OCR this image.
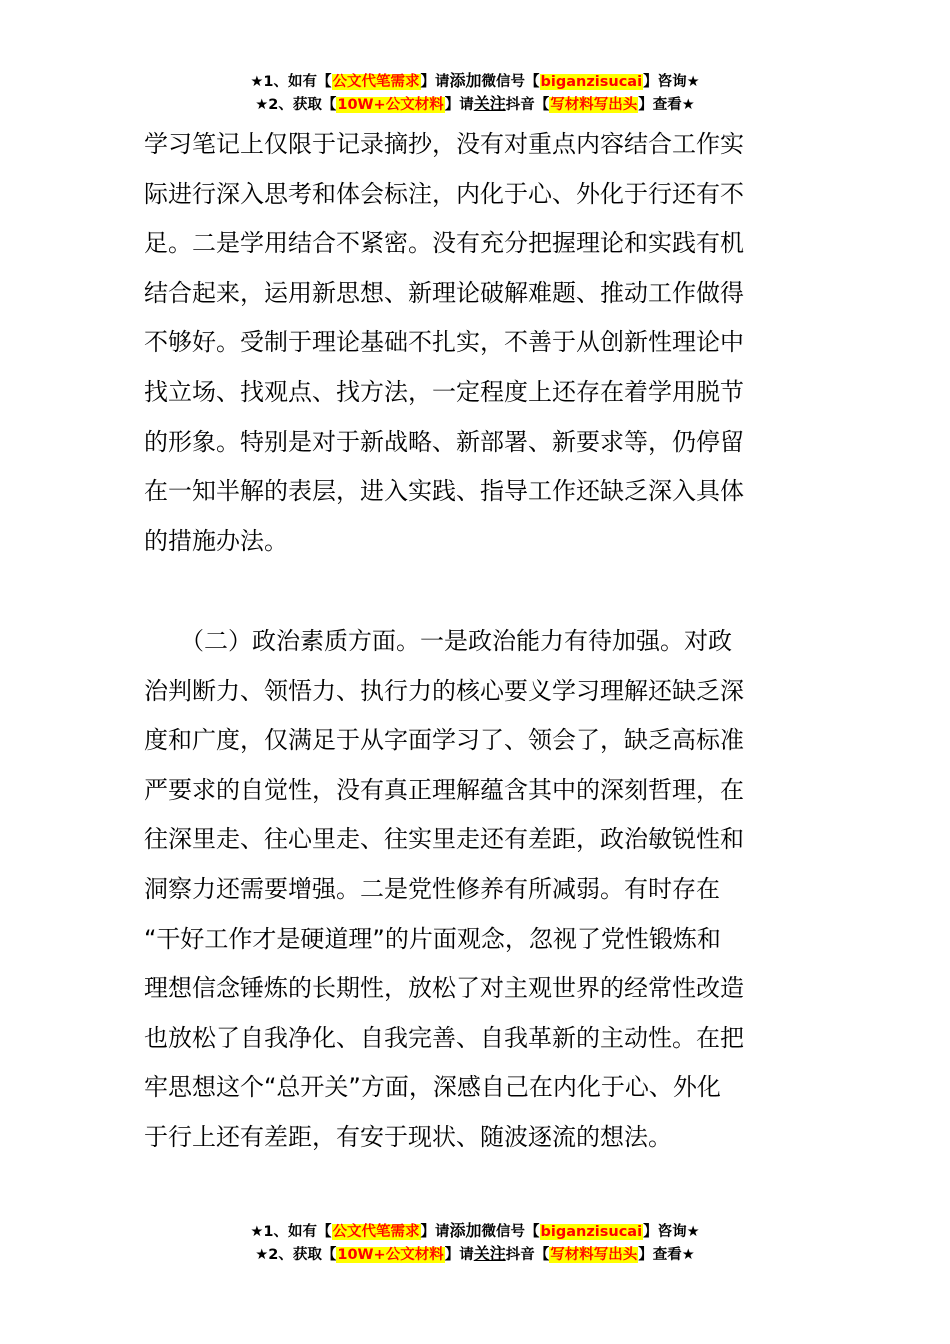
★1、如有【公文代笔需求】请添加微信号【biganzisucai】咨询★
★2、获取【10W+公文材料】请关注抖音【写材料写出头】查看★
学习笔记上仅限于记录摘抄，没有对重点内容结合工作实
际进行深入思考和体会标注，内化于心、外化于行还有不
足。二是学用结合不紧密。没有充分把握理论和实践有机
结合起来，运用新思想、新理论破解难题、推动工作做得
不够好。受制于理论基础不扎实，不善于从创新性理论中
找立场、找观点、找方法，一定程度上还存在着学用脱节
的形象。特别是对于新战略、新部署、新要求等，仍停留
在一知半解的表层，进入实践、指导工作还缺乏深入具体
的措施办法。
　　（二）政治素质方面。一是政治能力有待加强。对政
治判断力、领悟力、执行力的核心要义学习理解还缺乏深
度和广度，仅满足于从字面学习了、领会了，缺乏高标准
严要求的自觉性，没有真正理解蕴含其中的深刻哲理，在
往深里走、往心里走、往实里走还有差距，政治敏锐性和
洞察力还需要增强。二是党性修养有所减弱。有时存在
“干好工作才是硬道理”的片面观念，忽视了党性锻炼和
理想信念锤炼的长期性，放松了对主观世界的经常性改造
也放松了自我净化、自我完善、自我革新的主动性。在把
牢思想这个“总开关”方面，深感自己在内化于心、外化
于行上还有差距，有安于现状、随波逐流的想法。
★1、如有【公文代笔需求】请添加微信号【biganzisucai】咨询★
★2、获取【10W+公文材料】请关注抖音【写材料写出头】查看★
